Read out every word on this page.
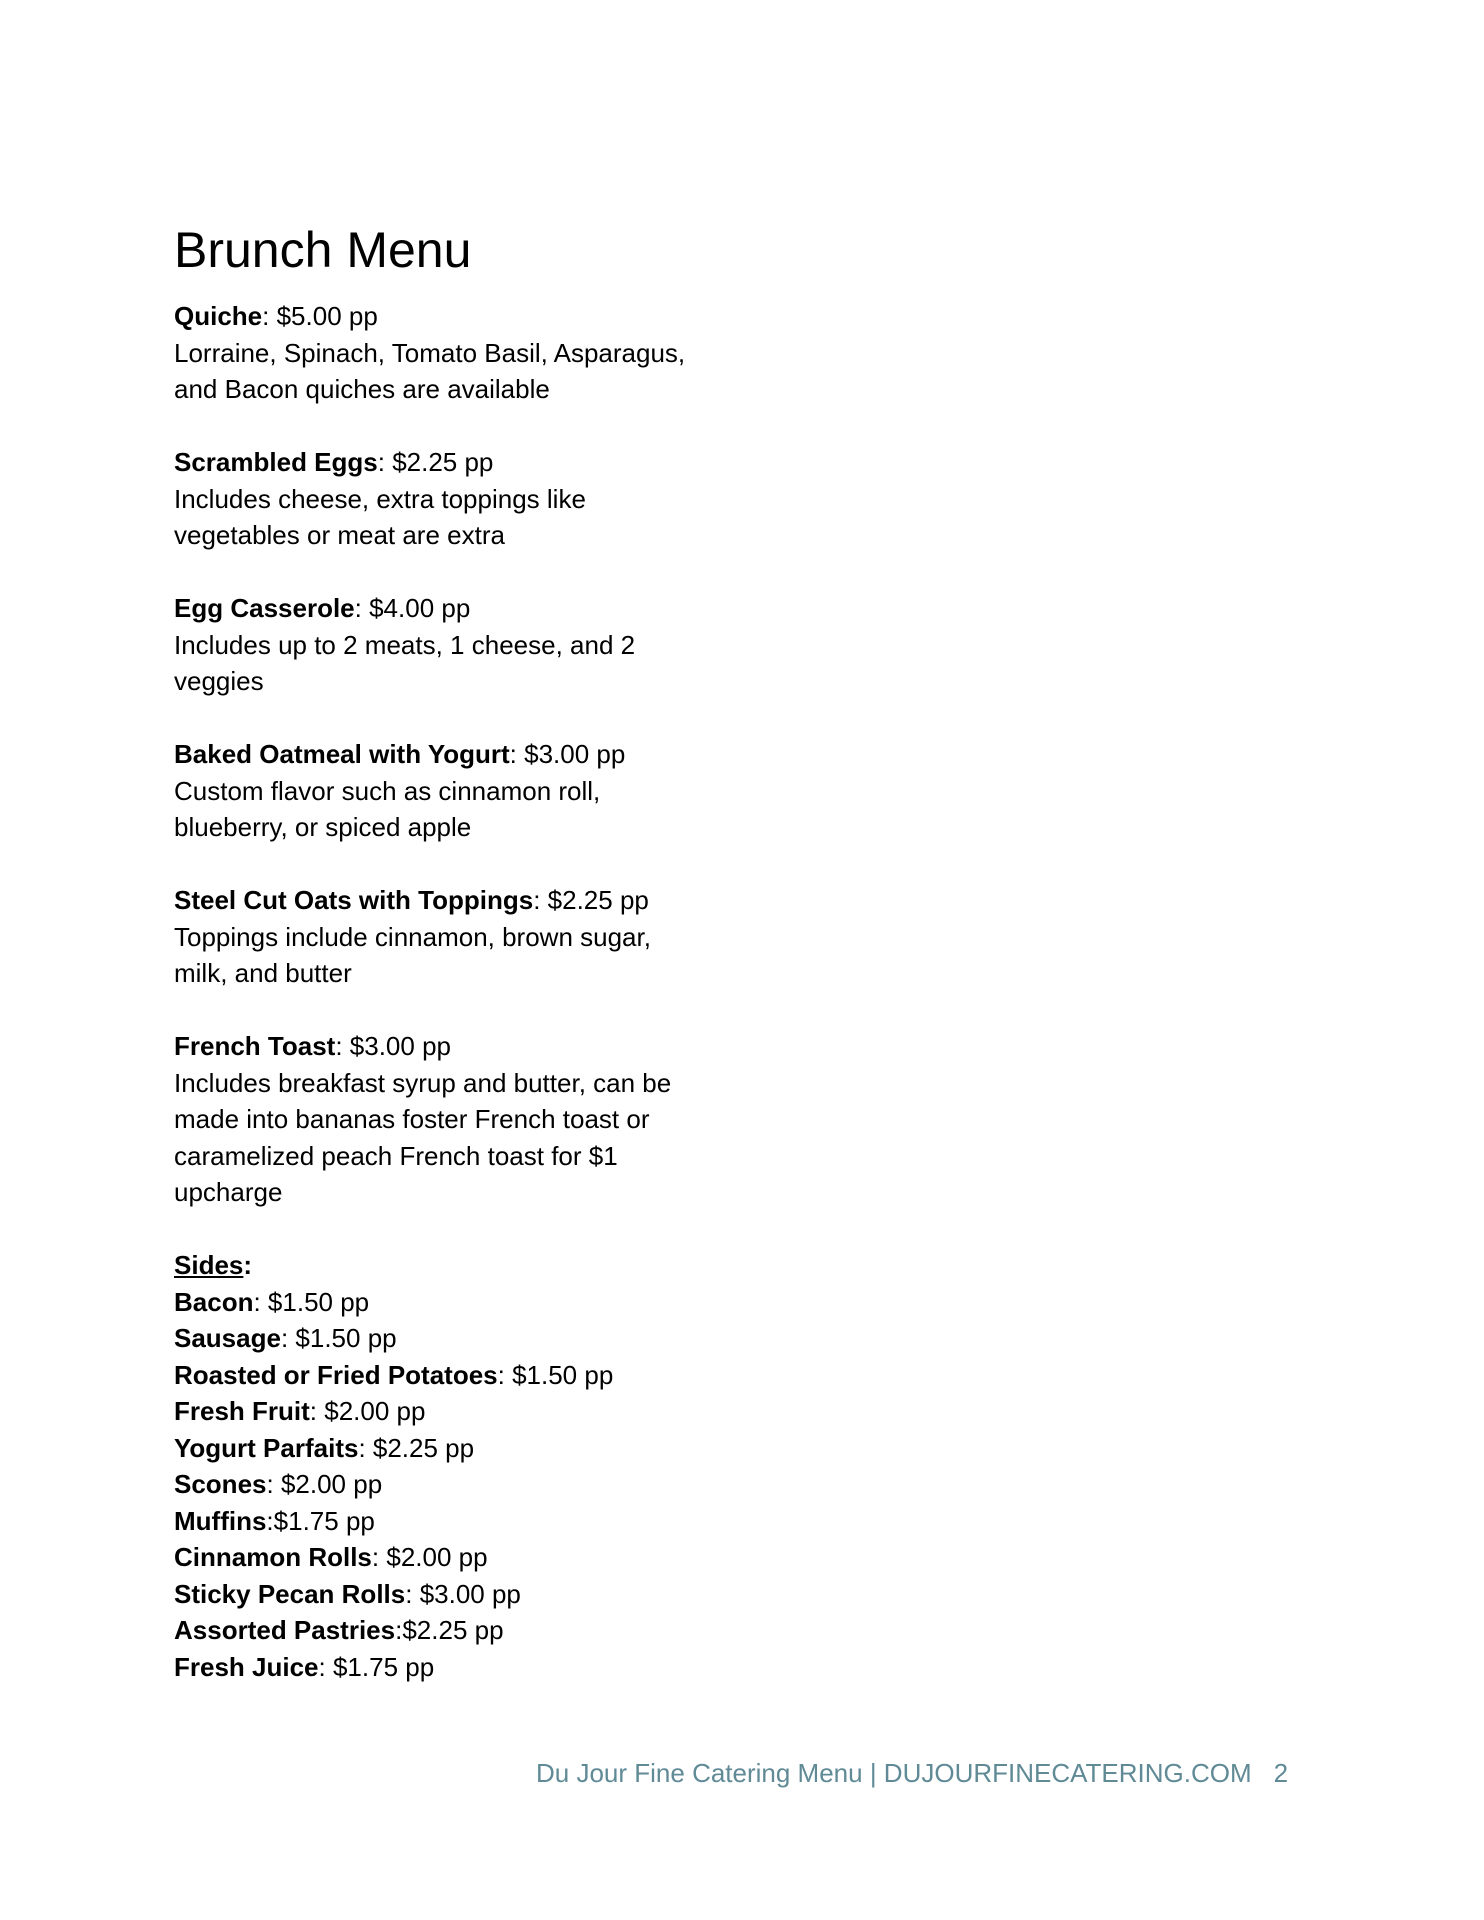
Brunch Menu
Quiche: $5.00 pp
Lorraine, Spinach, Tomato Basil, Asparagus,
and Bacon quiches are available
Scrambled Eggs: $2.25 pp
Includes cheese, extra toppings like
vegetables or meat are extra
Egg Casserole: $4.00 pp
Includes up to 2 meats, 1 cheese, and 2
veggies
Baked Oatmeal with Yogurt: $3.00 pp
Custom flavor such as cinnamon roll,
blueberry, or spiced apple
Steel Cut Oats with Toppings: $2.25 pp
Toppings include cinnamon, brown sugar,
milk, and butter
French Toast: $3.00 pp
Includes breakfast syrup and butter, can be
made into bananas foster French toast or
caramelized peach French toast for $1
upcharge
Sides:
Bacon: $1.50 pp
Sausage: $1.50 pp
Roasted or Fried Potatoes: $1.50 pp
Fresh Fruit: $2.00 pp
Yogurt Parfaits: $2.25 pp
Scones: $2.00 pp
Muffins:$1.75 pp
Cinnamon Rolls: $2.00 pp
Sticky Pecan Rolls: $3.00 pp
Assorted Pastries:$2.25 pp
Fresh Juice: $1.75 pp
Du Jour Fine Catering Menu | DUJOURFINECATERING.COM 2
